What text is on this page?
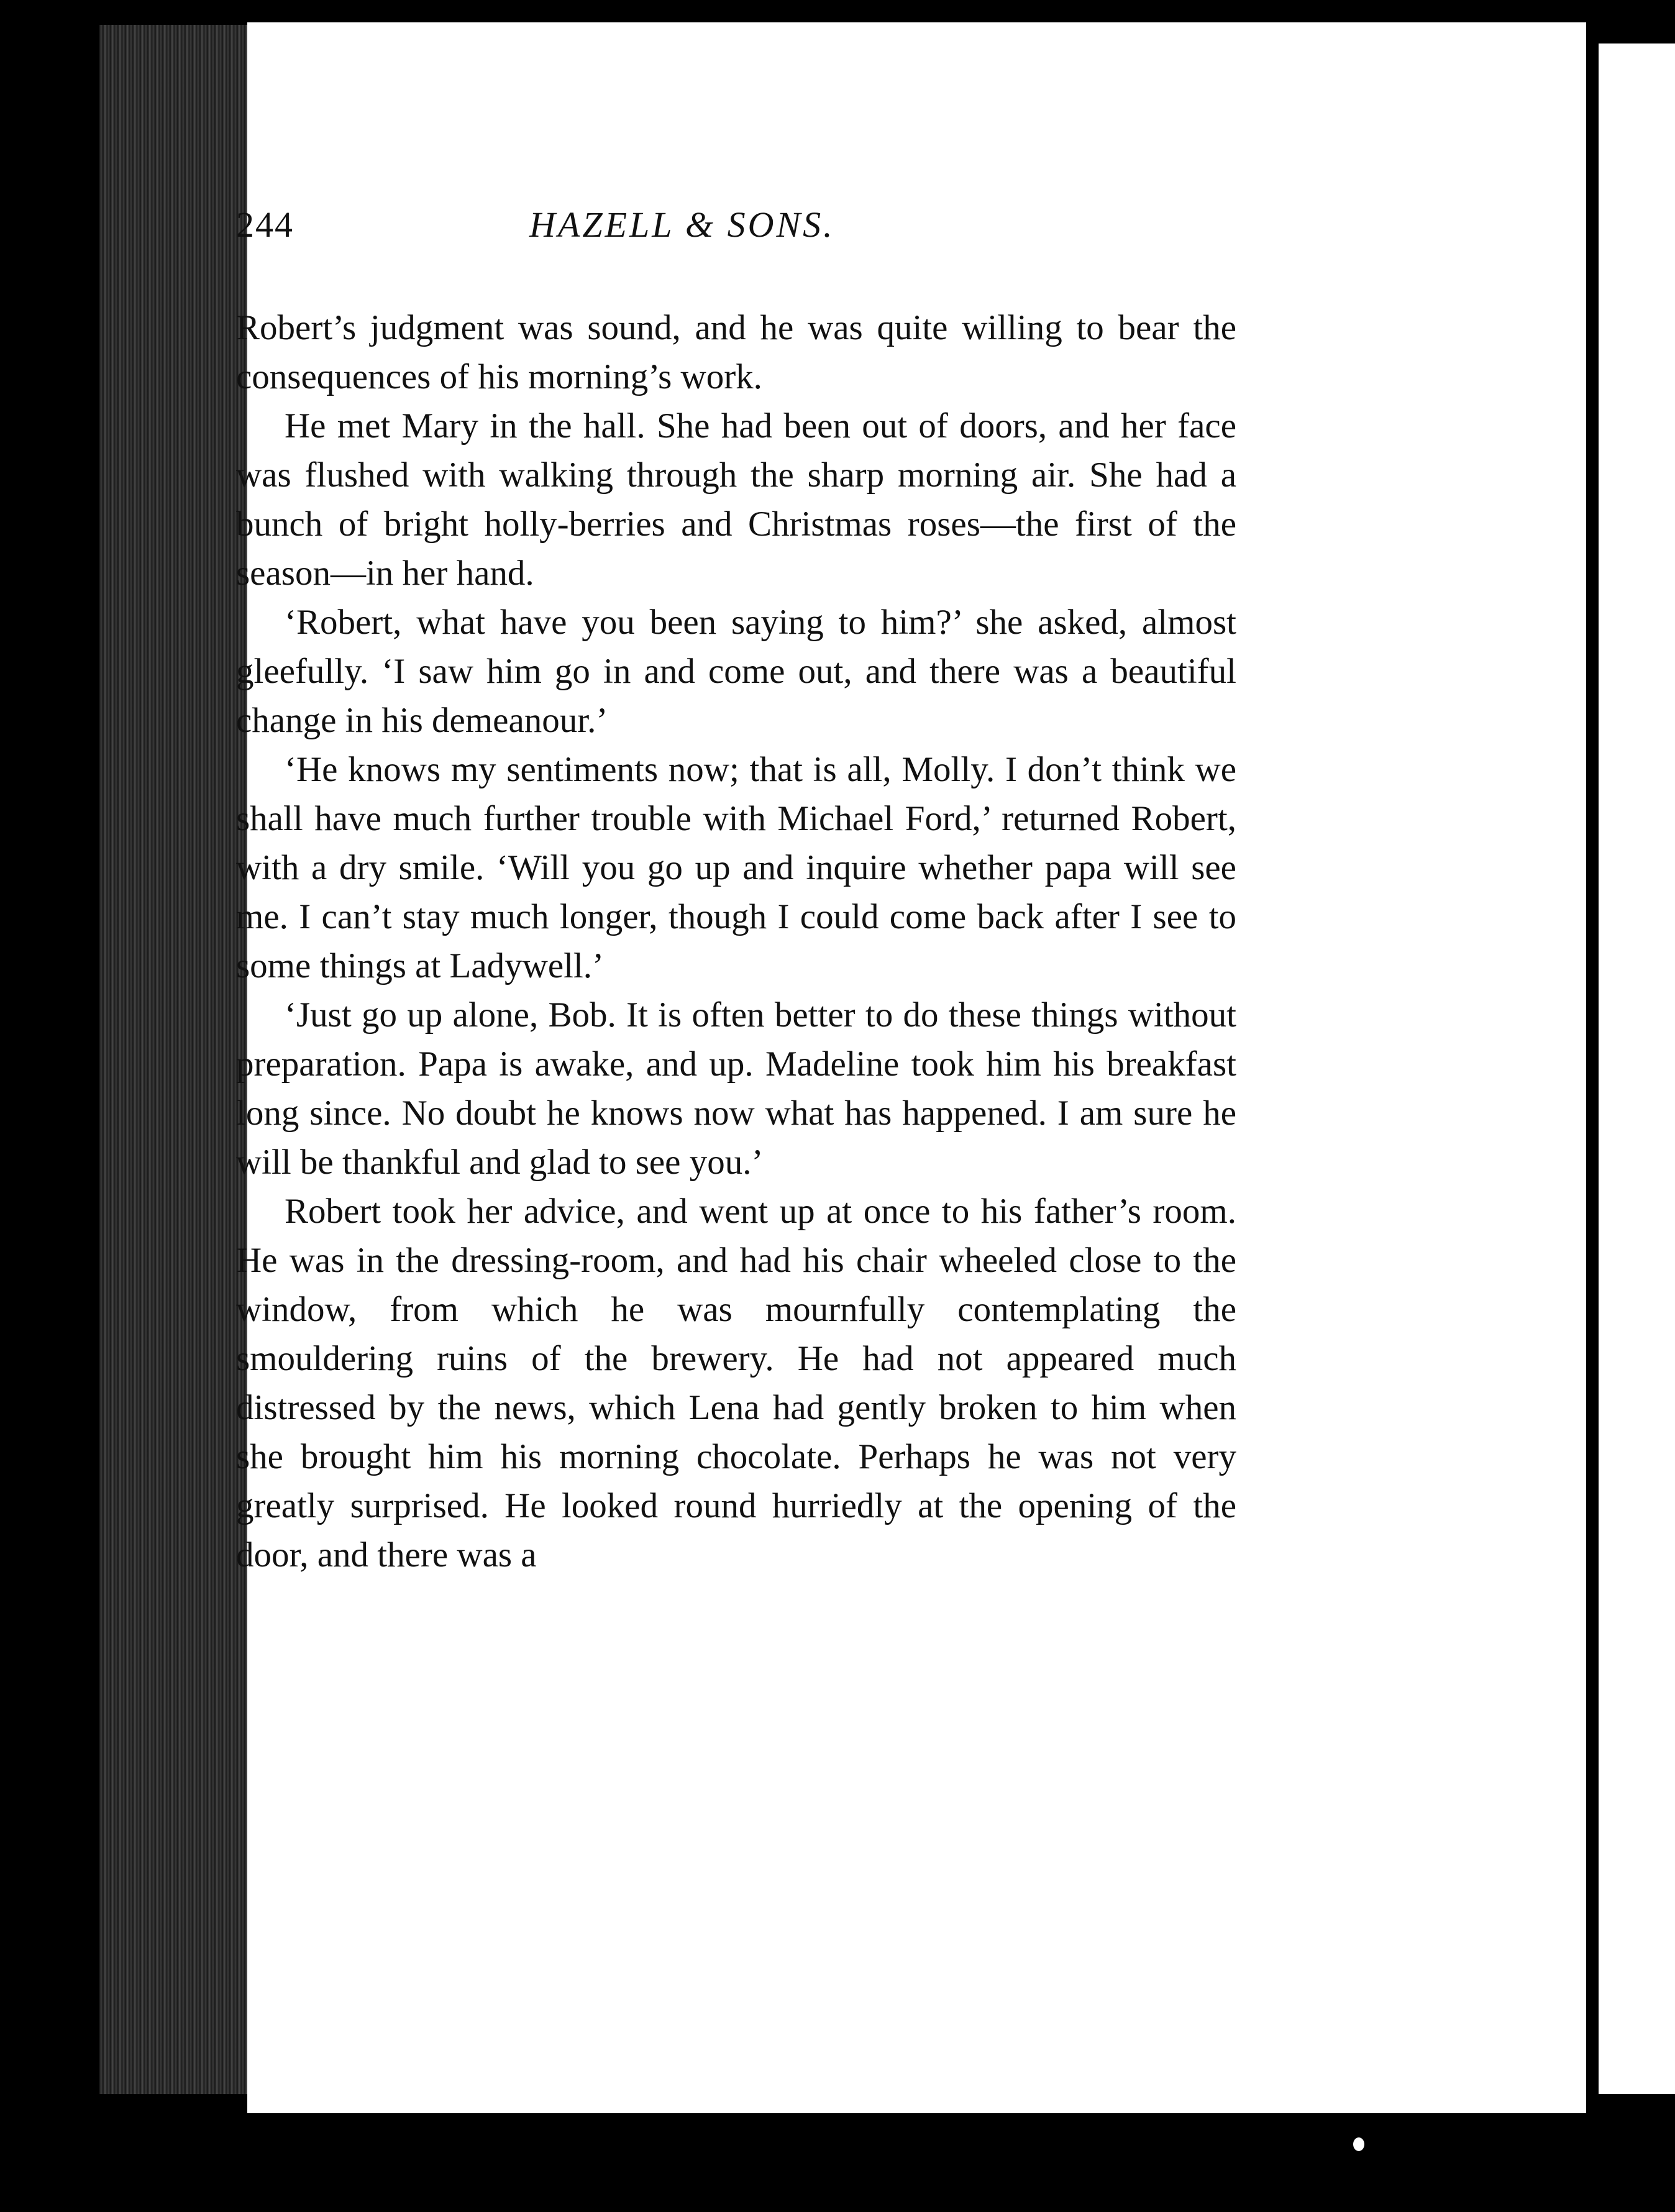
244	HAZELL & SONS.

Robert’s judgment was sound, and he was quite willing to bear the consequences of his morning’s work.

He met Mary in the hall. She had been out of doors, and her face was flushed with walking through the sharp morning air. She had a bunch of bright holly-berries and Christmas roses—the first of the season—in her hand.

‘Robert, what have you been saying to him?’ she asked, almost gleefully. ‘I saw him go in and come out, and there was a beautiful change in his demeanour.’

‘He knows my sentiments now; that is all, Molly. I don’t think we shall have much further trouble with Michael Ford,’ returned Robert, with a dry smile. ‘Will you go up and inquire whether papa will see me. I can’t stay much longer, though I could come back after I see to some things at Ladywell.’

‘Just go up alone, Bob. It is often better to do these things without preparation. Papa is awake, and up. Madeline took him his breakfast long since. No doubt he knows now what has happened. I am sure he will be thankful and glad to see you.’

Robert took her advice, and went up at once to his father’s room. He was in the dressing-room, and had his chair wheeled close to the window, from which he was mournfully contemplating the smouldering ruins of the brewery. He had not appeared much distressed by the news, which Lena had gently broken to him when she brought him his morning chocolate. Perhaps he was not very greatly surprised. He looked round hurriedly at the opening of the door, and there was a
